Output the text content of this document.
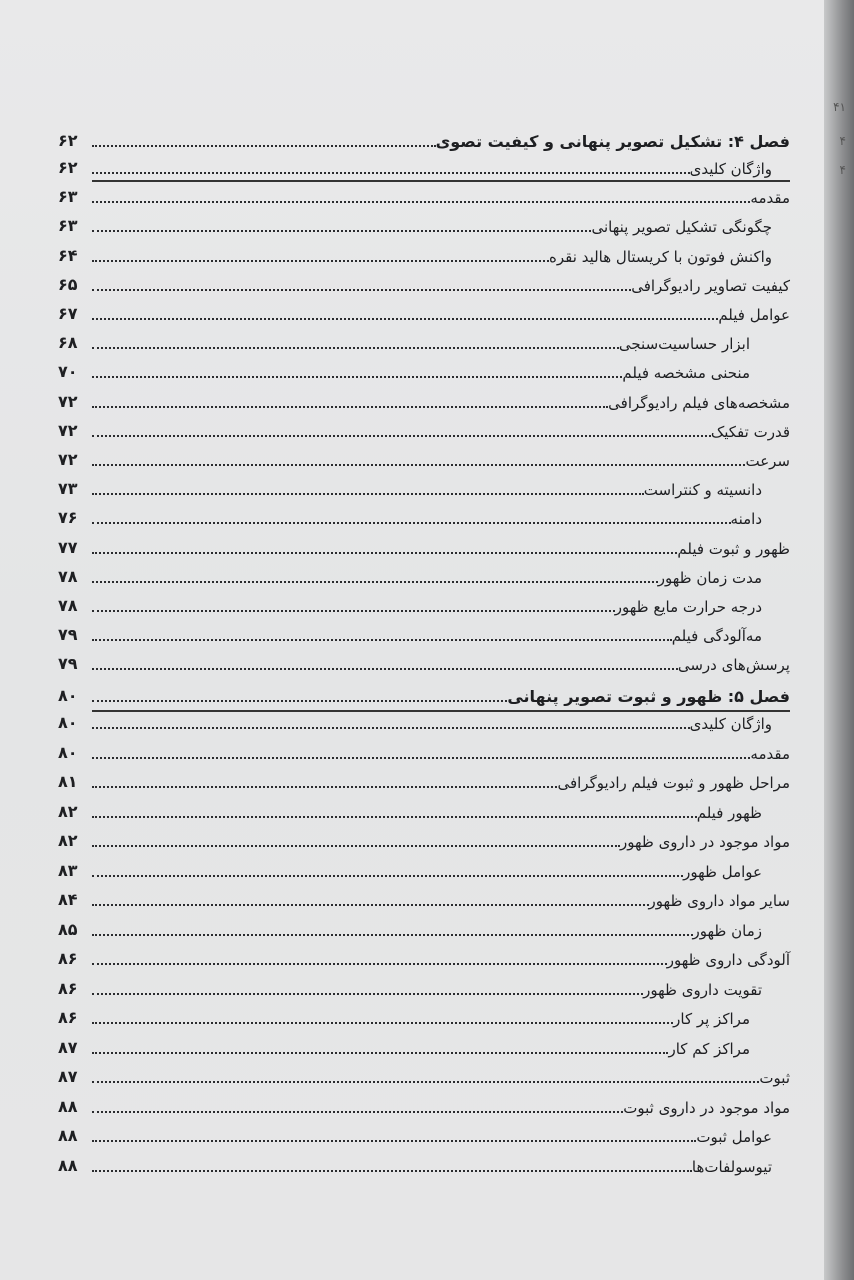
۴۱
۴
۴
فصل ۴: تشکیل تصویر پنهانی و کیفیت تصوی
۶۲
واژگان کلیدی
۶۲
مقدمه
۶۳
چگونگی تشکیل تصویر پنهانی
۶۳
واکنش فوتون با کریستال هالید نقره
۶۴
کیفیت تصاویر رادیوگرافی
۶۵
عوامل فیلم
۶۷
ابزار حساسیت‌سنجی
۶۸
منحنی مشخصه فیلم
۷۰
مشخصه‌های فیلم رادیوگرافی
۷۲
قدرت تفکیک
۷۲
سرعت
۷۲
دانسیته و کنتراست
۷۳
دامنه
۷۶
ظهور و ثبوت فیلم
۷۷
مدت زمان ظهور
۷۸
درجه حرارت مایع ظهور
۷۸
مه‌آلودگی فیلم
۷۹
پرسش‌های درسی
۷۹
فصل ۵: ظهور و ثبوت تصویر پنهانی
۸۰
واژگان کلیدی
۸۰
مقدمه
۸۰
مراحل ظهور و ثبوت فیلم رادیوگرافی
۸۱
ظهور فیلم
۸۲
مواد موجود در داروی ظهور
۸۲
عوامل ظهور
۸۳
سایر مواد داروی ظهور
۸۴
زمان ظهور
۸۵
آلودگی داروی ظهور
۸۶
تقویت داروی ظهور
۸۶
مراکز پر کار
۸۶
مراکز کم کار
۸۷
ثبوت
۸۷
مواد موجود در داروی ثبوت
۸۸
عوامل ثبوت
۸۸
تیوسولفات‌ها
۸۸
